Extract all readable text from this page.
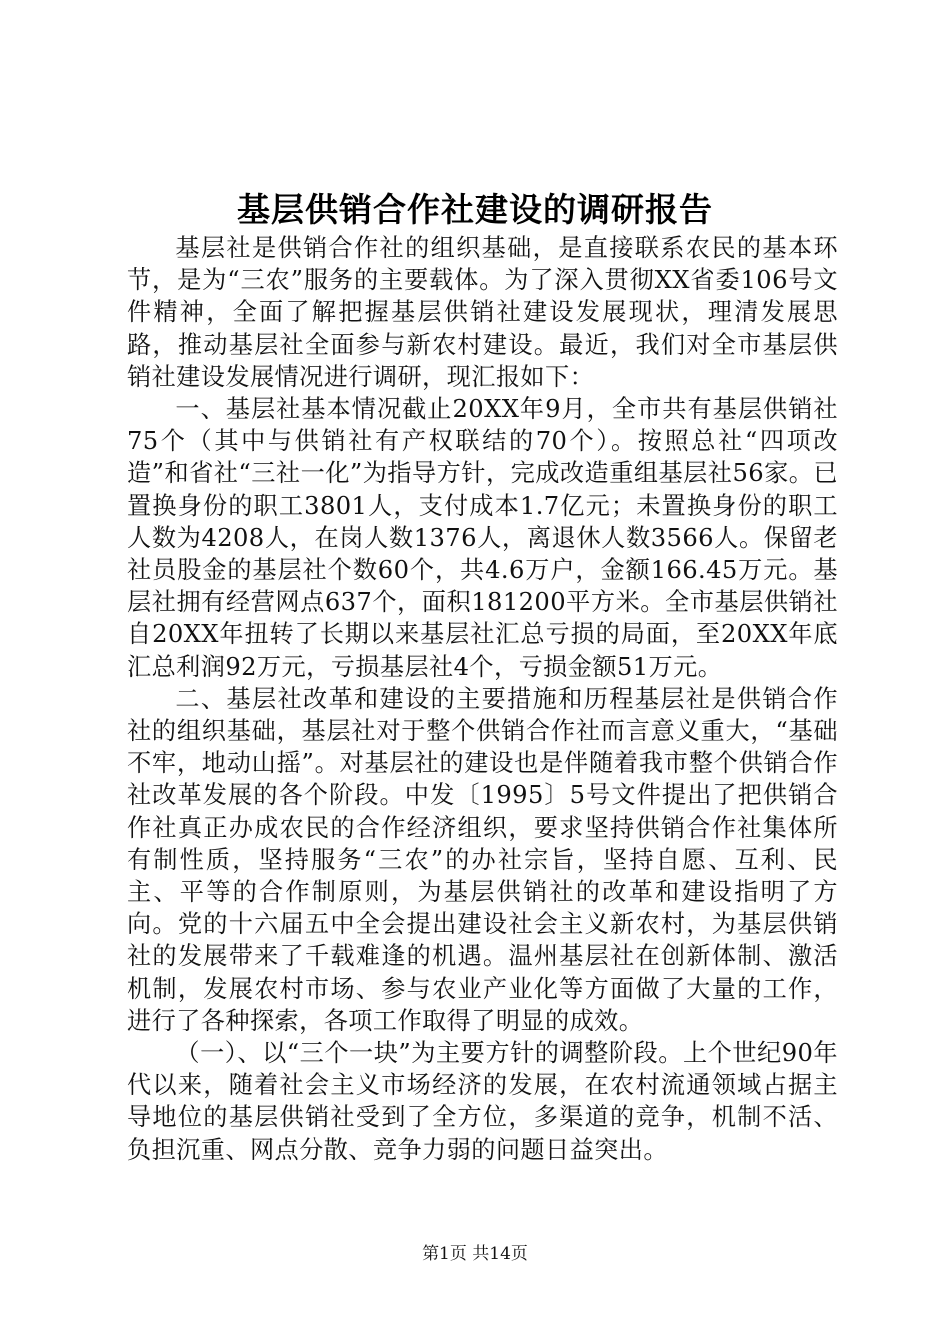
基层供销合作社建设的调研报告

基层社是供销合作社的组织基础，是直接联系农民的基本环节，是为“三农”服务的主要载体。为了深入贯彻XX省委106号文件精神，全面了解把握基层供销社建设发展现状，理清发展思路，推动基层社全面参与新农村建设。最近，我们对全市基层供销社建设发展情况进行调研，现汇报如下：

一、基层社基本情况截止20XX年9月，全市共有基层供销社75个（其中与供销社有产权联结的70个）。按照总社“四项改造”和省社“三社一化”为指导方针，完成改造重组基层社56家。已置换身份的职工3801人，支付成本1.7亿元；未置换身份的职工人数为4208人，在岗人数1376人，离退休人数3566人。保留老社员股金的基层社个数60个，共4.6万户，金额166.45万元。基层社拥有经营网点637个，面积181200平方米。全市基层供销社自20XX年扭转了长期以来基层社汇总亏损的局面，至20XX年底汇总利润92万元，亏损基层社4个，亏损金额51万元。

二、基层社改革和建设的主要措施和历程基层社是供销合作社的组织基础，基层社对于整个供销合作社而言意义重大，“基础不牢，地动山摇”。对基层社的建设也是伴随着我市整个供销合作社改革发展的各个阶段。中发〔1995〕5号文件提出了把供销合作社真正办成农民的合作经济组织，要求坚持供销合作社集体所有制性质，坚持服务“三农”的办社宗旨，坚持自愿、互利、民主、平等的合作制原则，为基层供销社的改革和建设指明了方向。党的十六届五中全会提出建设社会主义新农村，为基层供销社的发展带来了千载难逢的机遇。温州基层社在创新体制、激活机制，发展农村市场、参与农业产业化等方面做了大量的工作，进行了各种探索，各项工作取得了明显的成效。

（一）、以“三个一块”为主要方针的调整阶段。上个世纪90年代以来，随着社会主义市场经济的发展，在农村流通领域占据主导地位的基层供销社受到了全方位，多渠道的竞争，机制不活、负担沉重、网点分散、竞争力弱的问题日益突出。

第1页 共14页
